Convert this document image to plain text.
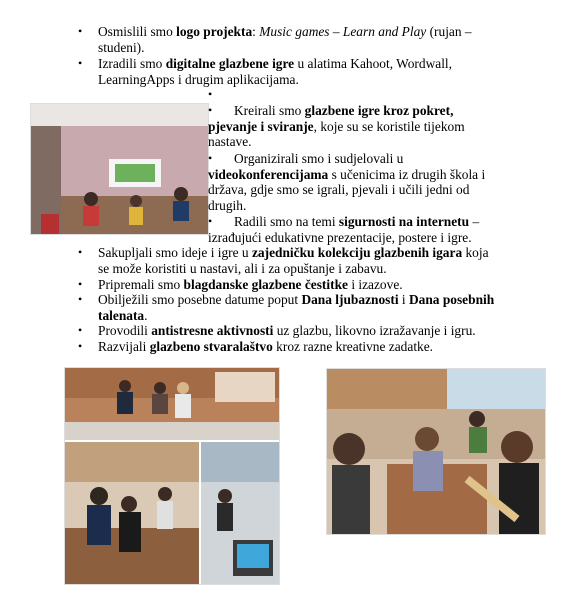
• Osmislili smo logo projekta: Music games – Learn and Play (rujan –
studeni).
• Izradili smo digitalne glazbene igre u alatima Kahoot, Wordwall,
LearningApps i drugim aplikacijama.
•
•	Kreirali smo glazbene igre kroz pokret,
pjevanje i sviranje, koje su se koristile tijekom
nastave.
•	Organizirali smo i sudjelovali u
videokonferencijama s učenicima iz drugih škola i
država, gdje smo se igrali, pjevali i učili jedni od
drugih.
•	Radili smo na temi sigurnosti na internetu –
izrađujući edukativne prezentacije, postere i igre.
• Sakupljali smo ideje i igre u zajedničku kolekciju glazbenih igara koja
se može koristiti u nastavi, ali i za opuštanje i zabavu.
• Pripremali smo blagdanske glazbene čestitke i izazove.
• Obilježili smo posebne datume poput Dana ljubaznosti i Dana posebnih
talenata.
• Provodili antistresne aktivnosti uz glazbu, likovno izražavanje i igru.
• Razvijali glazbeno stvaralaštvo kroz razne kreativne zadatke.
